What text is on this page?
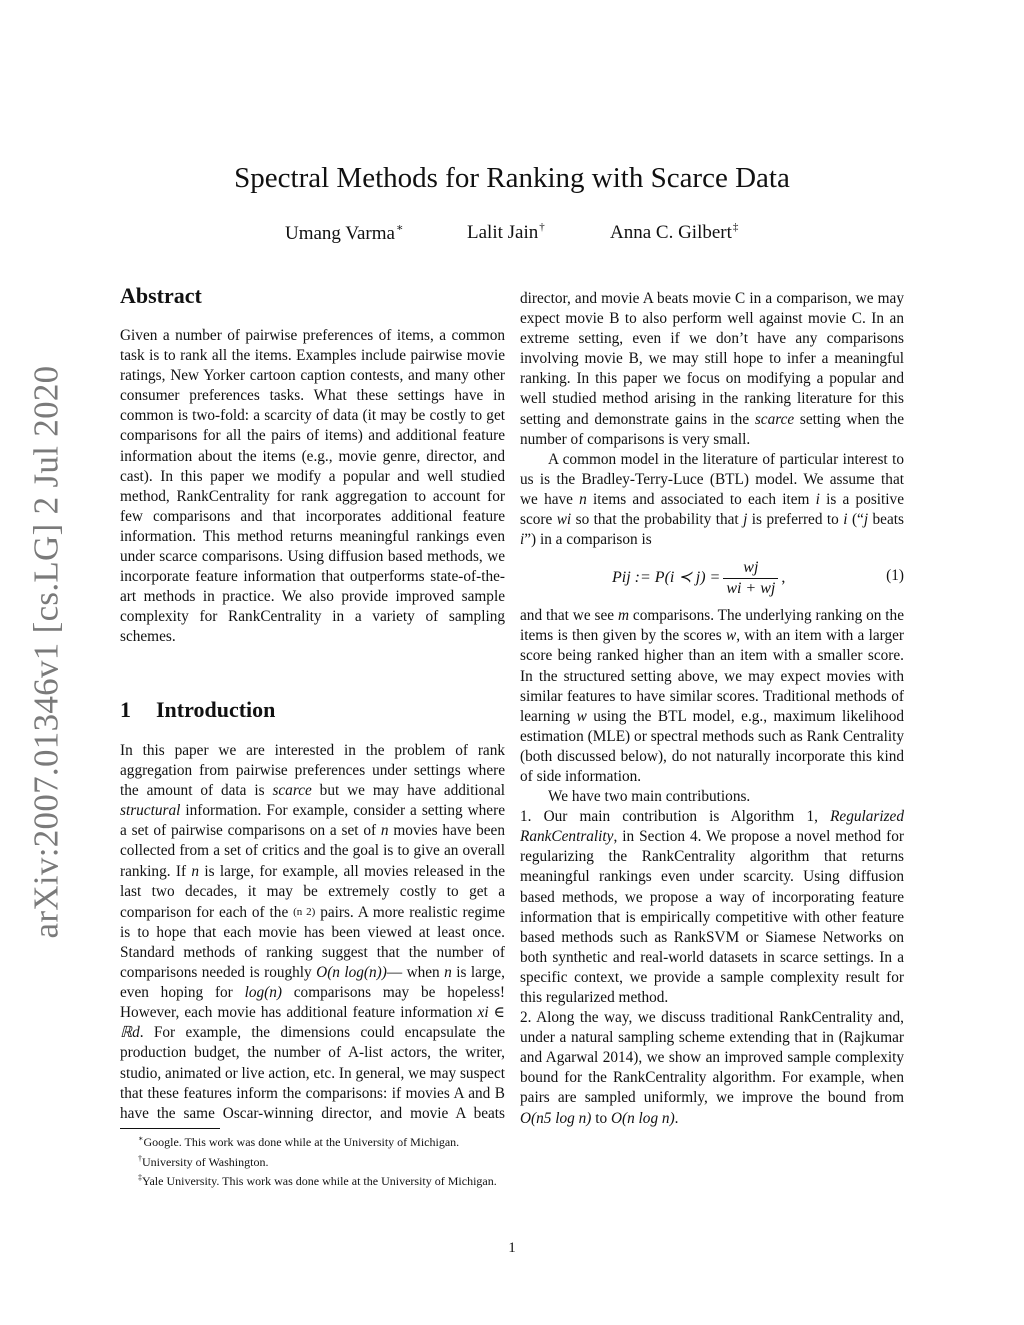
arXiv:2007.01346v1 [cs.LG] 2 Jul 2020
Spectral Methods for Ranking with Scarce Data
Umang Varma∗	Lalit Jain†	Anna C. Gilbert‡
Abstract

Given a number of pairwise preferences of items, a common task is to rank all the items. Examples include pairwise movie ratings, New Yorker cartoon caption contests, and many other consumer preferences tasks. What these settings have in common is two-fold: a scarcity of data (it may be costly to get comparisons for all the pairs of items) and additional feature information about the items (e.g., movie genre, director, and cast). In this paper we modify a popular and well studied method, RankCentrality for rank aggregation to account for few comparisons and that incorporates additional feature information. This method returns meaningful rankings even under scarce comparisons. Using diffusion based methods, we incorporate feature information that outperforms state-of-the-art methods in practice. We also provide improved sample complexity for RankCentrality in a variety of sampling schemes.

1 Introduction

In this paper we are interested in the problem of rank aggregation from pairwise preferences under settings where the amount of data is scarce but we may have additional structural information. For example, consider a setting where a set of pairwise comparisons on a set of n movies have been collected from a set of critics and the goal is to give an overall ranking. If n is large, for example, all movies released in the last two decades, it may be extremely costly to get a comparison for each of the (n 2) pairs. A more realistic regime is to hope that each movie has been viewed at least once. Standard methods of ranking suggest that the number of comparisons needed is roughly O(n log(n))— when n is large, even hoping for log(n) comparisons may be hopeless! However, each movie has additional feature information xi ∈ ℝd. For example, the dimensions could encapsulate the production budget, the number of A-list actors, the writer, studio, animated or live action, etc. In general, we may suspect that these features inform the comparisons: if movies A and B have the same Oscar-winning director, and movie A beats

director, and movie A beats movie C in a comparison, we may expect movie B to also perform well against movie C. In an extreme setting, even if we don’t have any comparisons involving movie B, we may still hope to infer a meaningful ranking. In this paper we focus on modifying a popular and well studied method arising in the ranking literature for this setting and demonstrate gains in the scarce setting when the number of comparisons is very small.

A common model in the literature of particular interest to us is the Bradley-Terry-Luce (BTL) model. We assume that we have n items and associated to each item i is a positive score wi so that the probability that j is preferred to i (“j beats i”) in a comparison is

Pij := P(i ≺ $j) = \frac{wj}{wi + wj}$ ,	(1)

and that we see m comparisons. The underlying ranking on the items is then given by the scores w, with an item with a larger score being ranked higher than an item with a smaller score. In the structured setting above, we may expect movies with similar features to have similar scores. Traditional methods of learning w using the BTL model, e.g., maximum likelihood estimation (MLE) or spectral methods such as Rank Centrality (both discussed below), do not naturally incorporate this kind of side information.

We have two main contributions.

1. Our main contribution is Algorithm 1, Regularized RankCentrality, in Section 4. We propose a novel method for regularizing the RankCentrality algorithm that returns meaningful rankings even under scarcity. Using diffusion based methods, we propose a way of incorporating feature information that is empirically competitive with other feature based methods such as RankSVM or Siamese Networks on both synthetic and real-world datasets in scarce settings. In a specific context, we provide a sample complexity result for this regularized method.

2. Along the way, we discuss traditional RankCentrality and, under a natural sampling scheme extending that in (Rajkumar and Agarwal 2014), we show an improved sample complexity bound for the RankCentrality algorithm. For example, when pairs are sampled uniformly, we improve the bound from O(n5 log n) to O(n log n).

∗Google. This work was done while at the University of Michigan.

†University of Washington.

‡Yale University. This work was done while at the University of Michigan.

1
